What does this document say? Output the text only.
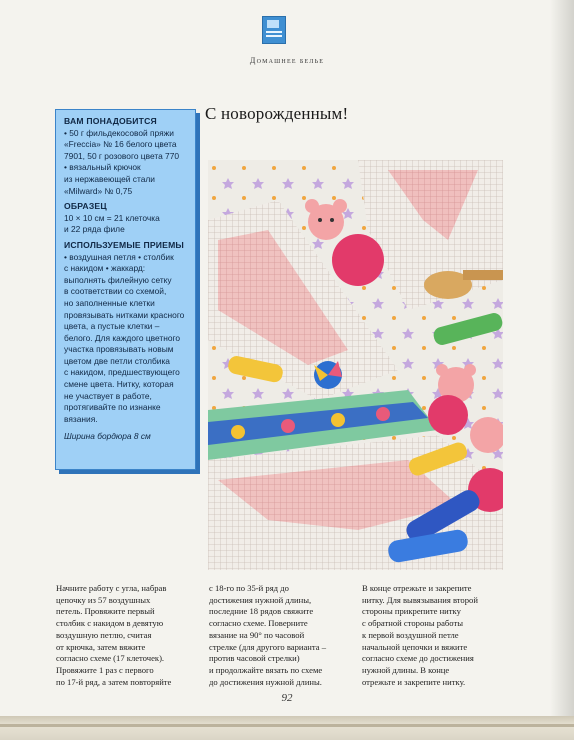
Домашнее белье
ВАМ ПОНАДОБИТСЯ
• 50 г фильдекосовой пряжи
«Freccia» № 16 белого цвета
7901, 50 г розового цвета 770
• вязальный крючок
из нержавеющей стали
«Milward» № 0,75
ОБРАЗЕЦ
10 × 10 см = 21 клеточка
и 22 ряда филе
ИСПОЛЬЗУЕМЫЕ ПРИЕМЫ
• воздушная петля • столбик
с накидом • жаккард:
выполнять филейную сетку
в соответствии со схемой,
но заполненные клетки
провязывать нитками красного
цвета, а пустые клетки –
белого. Для каждого цветного
участка провязывать новым
цветом две петли столбика
с накидом, предшествующего
смене цвета. Нитку, которая
не участвует в работе,
протягивайте по изнанке
вязания.
Ширина бордюра 8 см
С новорожденным!
Начните работу с угла, набрав
цепочку из 57 воздушных
петель. Провяжите первый
столбик с накидом в девятую
воздушную петлю, считая
от крючка, затем вяжите
согласно схеме (17 клеточек).
Провяжите 1 раз с первого
по 17-й ряд, а затем повторяйте
с 18-го по 35-й ряд до
достижения нужной длины,
последние 18 рядов свяжите
согласно схеме. Поверните
вязание на 90° по часовой
стрелке (для другого варианта –
против часовой стрелки)
и продолжайте вязать по схеме
до достижения нужной длины.
В конце отрежьте и закрепите
нитку. Для вывязывания второй
стороны прикрепите нитку
с обратной стороны работы
к первой воздушной петле
начальной цепочки и вяжите
согласно схеме до достижения
нужной длины. В конце
отрежьте и закрепите нитку.
92
